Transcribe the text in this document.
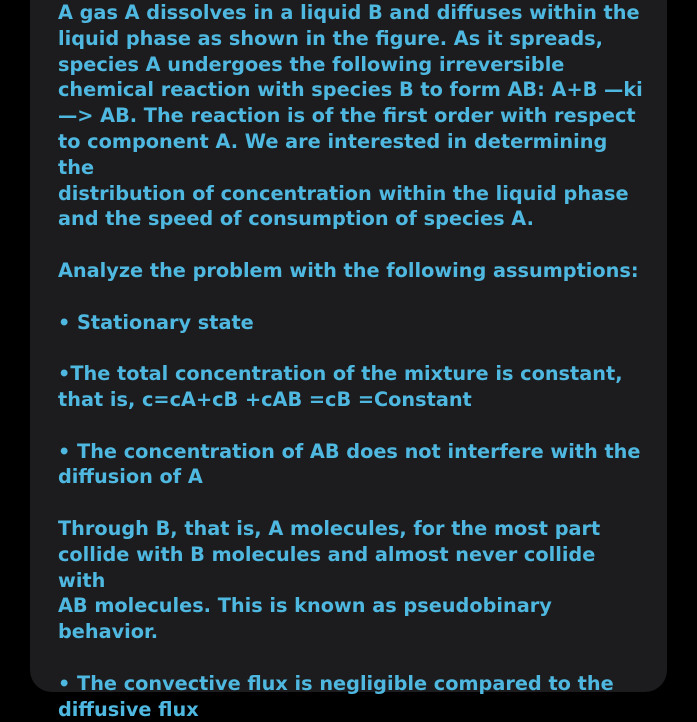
A gas A dissolves in a liquid B and diffuses within the
liquid phase as shown in the figure. As it spreads,
species A undergoes the following irreversible
chemical reaction with species B to form AB: A+B —ki
—> AB. The reaction is of the first order with respect
to component A. We are interested in determining the
distribution of concentration within the liquid phase
and the speed of consumption of species A.

Analyze the problem with the following assumptions:

• Stationary state

•The total concentration of the mixture is constant,
that is, c=cA+cB +cAB =cB =Constant

• The concentration of AB does not interfere with the
diffusion of A

Through B, that is, A molecules, for the most part
collide with B molecules and almost never collide with
AB molecules. This is known as pseudobinary
behavior.

• The convective flux is negligible compared to the
diffusive flux
